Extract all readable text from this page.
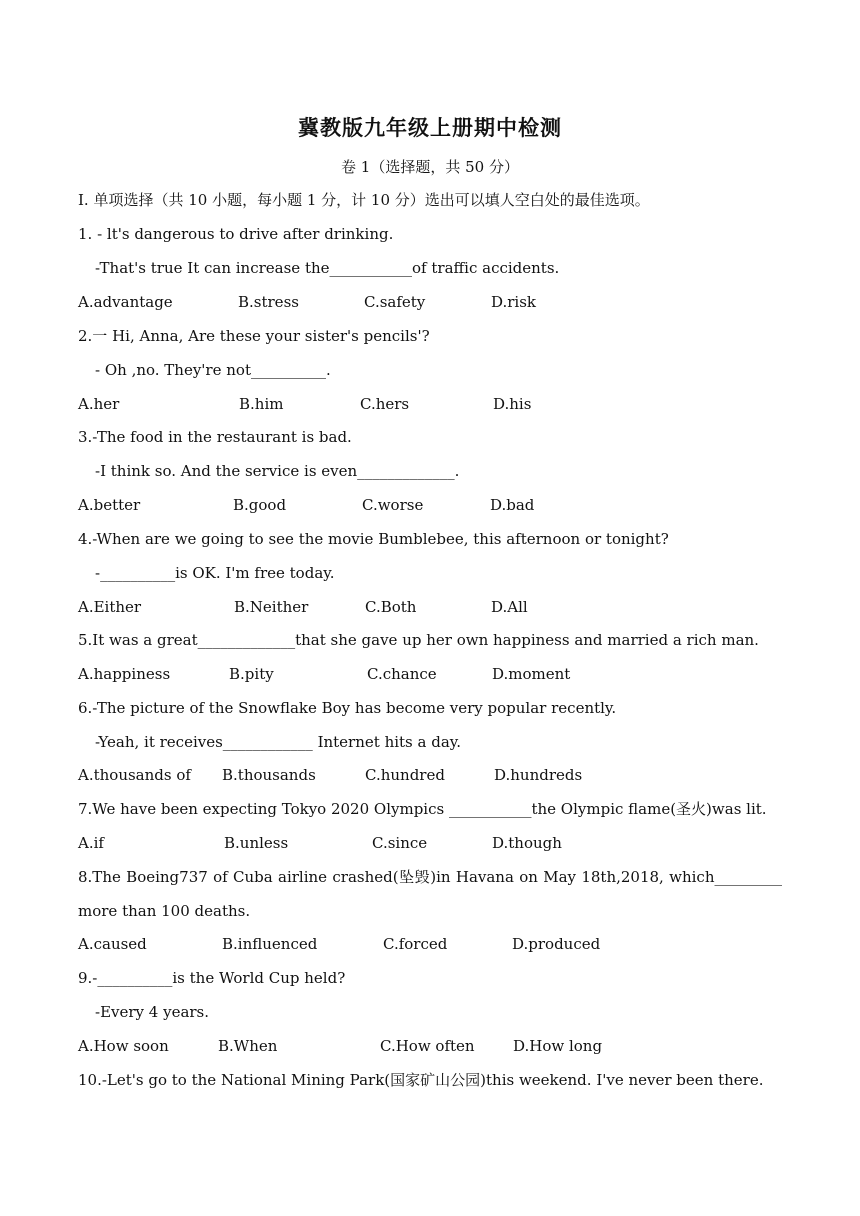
冀教版九年级上册期中检测
卷 1（选择题，共 50 分）
I. 单项选择（共 10 小题，每小题 1 分，计 10 分）选出可以填人空白处的最佳选项。
1. - lt's dangerous to drive after drinking.
-That's true It can increase the___________of traffic accidents.
A.advantage	B.stress	C.safety	D.risk
2.一 Hi, Anna, Are these your sister's pencils'?
- Oh ,no. They're not__________.
A.her	B.him	C.hers	D.his
3.-The food in the restaurant is bad.
-I think so. And the service is even_____________.
A.better	B.good	C.worse	D.bad
4.-When are we going to see the movie Bumblebee, this afternoon or tonight?
-__________is OK. I'm free today.
A.Either	B.Neither	C.Both	D.All
5.It was a great_____________that she gave up her own happiness and married a rich man.
A.happiness	B.pity	C.chance	D.moment
6.-The picture of the Snowflake Boy has become very popular recently.
-Yeah, it receives____________ Internet hits a day.
A.thousands of B.thousands	C.hundred	D.hundreds
7.We have been expecting Tokyo 2020 Olympics ___________the Olympic flame(圣火)was lit.
A.if	B.unless	C.since	D.though
8.The Boeing737 of Cuba airline crashed(坠毁)in Havana on May 18th,2018, which_________
more than 100 deaths.
A.caused	B.influenced	C.forced	D.produced
9.-__________is the World Cup held?
-Every 4 years.
A.How soon	B.When	C.How often	D.How long
10.-Let's go to the National Mining Park(国家矿山公园)this weekend. I've never been there.
